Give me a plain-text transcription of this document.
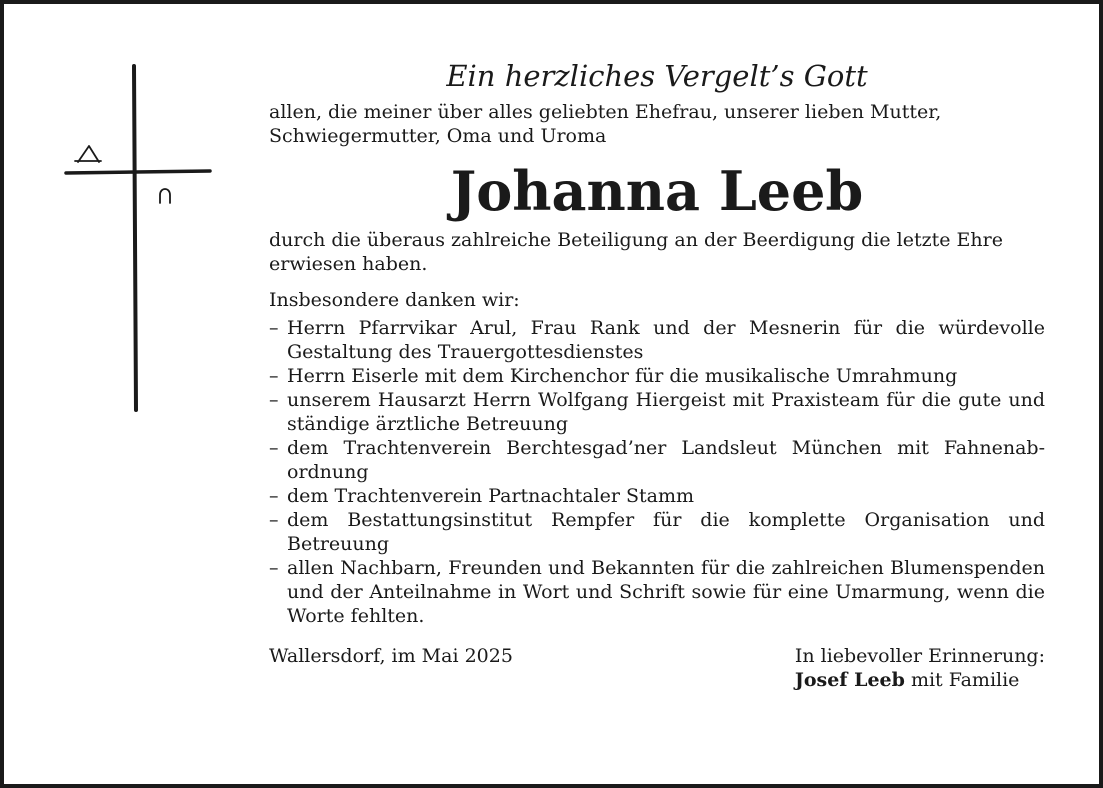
Ein herzliches Vergelt’s Gott

allen, die meiner über alles geliebten Ehefrau, unserer lieben Mutter, Schwiegermutter, Oma und Uroma

Johanna Leeb

durch die überaus zahlreiche Beteiligung an der Beerdigung die letzte Ehre erwiesen haben.

Insbesondere danken wir:

– Herrn Pfarrvikar Arul, Frau Rank und der Mesnerin für die würdevolle Gestaltung des Trauergottesdienstes
– Herrn Eiserle mit dem Kirchenchor für die musikalische Umrahmung
– unserem Hausarzt Herrn Wolfgang Hiergeist mit Praxisteam für die gute und ständige ärztliche Betreuung
– dem Trachtenverein Berchtesgad’ner Landsleut München mit Fahnenabordnung
– dem Trachtenverein Partnachtaler Stamm
– dem Bestattungsinstitut Rempfer für die komplette Organisation und Betreuung
– allen Nachbarn, Freunden und Bekannten für die zahlreichen Blumenspenden und der Anteilnahme in Wort und Schrift sowie für eine Umarmung, wenn die Worte fehlten.
Wallersdorf, im Mai 2025	In liebevoller Erinnerung:
Josef Leeb mit Familie
